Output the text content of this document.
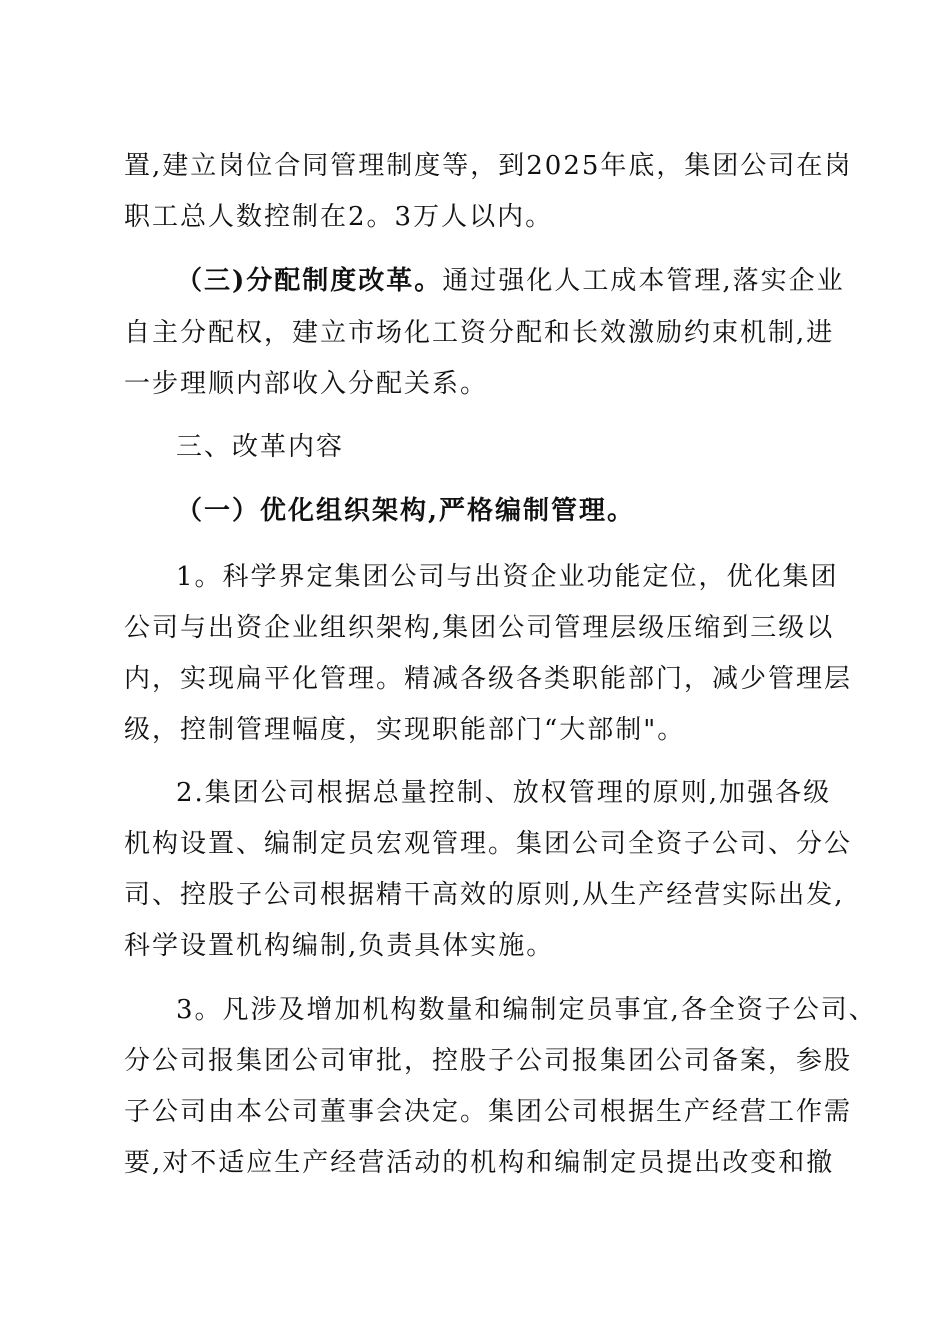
置,建立岗位合同管理制度等，到2025年底，集团公司在岗
职工总人数控制在2。3万人以内。
（三)分配制度改革。通过强化人工成本管理,落实企业
自主分配权，建立市场化工资分配和长效激励约束机制,进
一步理顺内部收入分配关系。
三、改革内容
（一）优化组织架构,严格编制管理。
1。科学界定集团公司与出资企业功能定位，优化集团
公司与出资企业组织架构,集团公司管理层级压缩到三级以
内，实现扁平化管理。精减各级各类职能部门，减少管理层
级，控制管理幅度，实现职能部门“大部制"。
2.集团公司根据总量控制、放权管理的原则,加强各级
机构设置、编制定员宏观管理。集团公司全资子公司、分公
司、控股子公司根据精干高效的原则,从生产经营实际出发,
科学设置机构编制,负责具体实施。
3。凡涉及增加机构数量和编制定员事宜,各全资子公司、
分公司报集团公司审批，控股子公司报集团公司备案，参股
子公司由本公司董事会决定。集团公司根据生产经营工作需
要,对不适应生产经营活动的机构和编制定员提出改变和撤
